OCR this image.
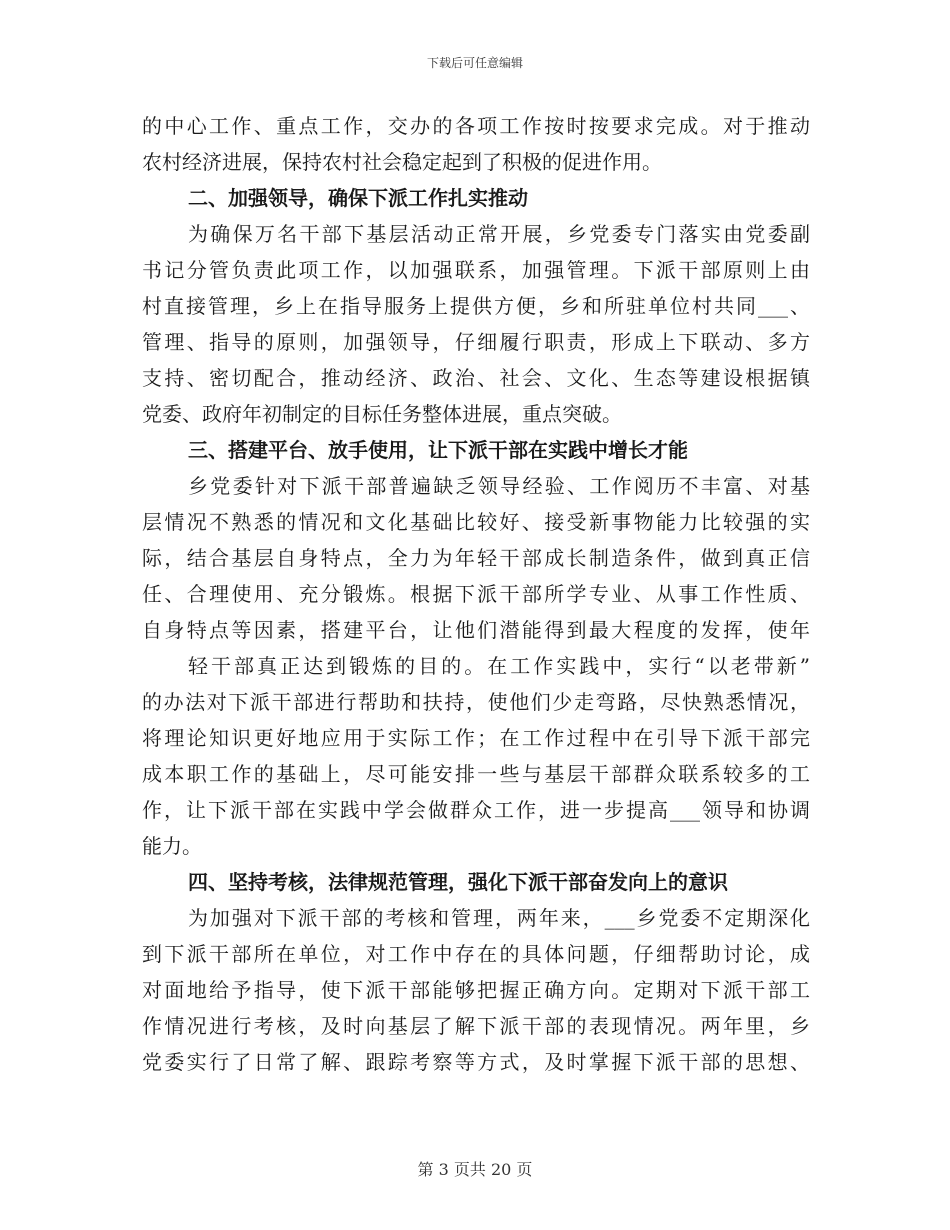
下载后可任意编辑
的中心工作、重点工作，交办的各项工作按时按要求完成。对于推动
农村经济进展，保持农村社会稳定起到了积极的促进作用。
二、加强领导，确保下派工作扎实推动
为确保万名干部下基层活动正常开展，乡党委专门落实由党委副
书记分管负责此项工作，以加强联系，加强管理。下派干部原则上由
村直接管理，乡上在指导服务上提供方便，乡和所驻单位村共同___、
管理、指导的原则，加强领导，仔细履行职责，形成上下联动、多方
支持、密切配合，推动经济、政治、社会、文化、生态等建设根据镇
党委、政府年初制定的目标任务整体进展，重点突破。
三、搭建平台、放手使用，让下派干部在实践中增长才能
乡党委针对下派干部普遍缺乏领导经验、工作阅历不丰富、对基
层情况不熟悉的情况和文化基础比较好、接受新事物能力比较强的实
际，结合基层自身特点，全力为年轻干部成长制造条件，做到真正信
任、合理使用、充分锻炼。根据下派干部所学专业、从事工作性质、
自身特点等因素，搭建平台，让他们潜能得到最大程度的发挥，使年
轻干部真正达到锻炼的目的。在工作实践中，实行“以老带新”
的办法对下派干部进行帮助和扶持，使他们少走弯路，尽快熟悉情况，
将理论知识更好地应用于实际工作；在工作过程中在引导下派干部完
成本职工作的基础上，尽可能安排一些与基层干部群众联系较多的工
作，让下派干部在实践中学会做群众工作，进一步提高___领导和协调
能力。
四、坚持考核，法律规范管理，强化下派干部奋发向上的意识
为加强对下派干部的考核和管理，两年来，___乡党委不定期深化
到下派干部所在单位，对工作中存在的具体问题，仔细帮助讨论，成
对面地给予指导，使下派干部能够把握正确方向。定期对下派干部工
作情况进行考核，及时向基层了解下派干部的表现情况。两年里，乡
党委实行了日常了解、跟踪考察等方式，及时掌握下派干部的思想、
第 3 页共 20 页
